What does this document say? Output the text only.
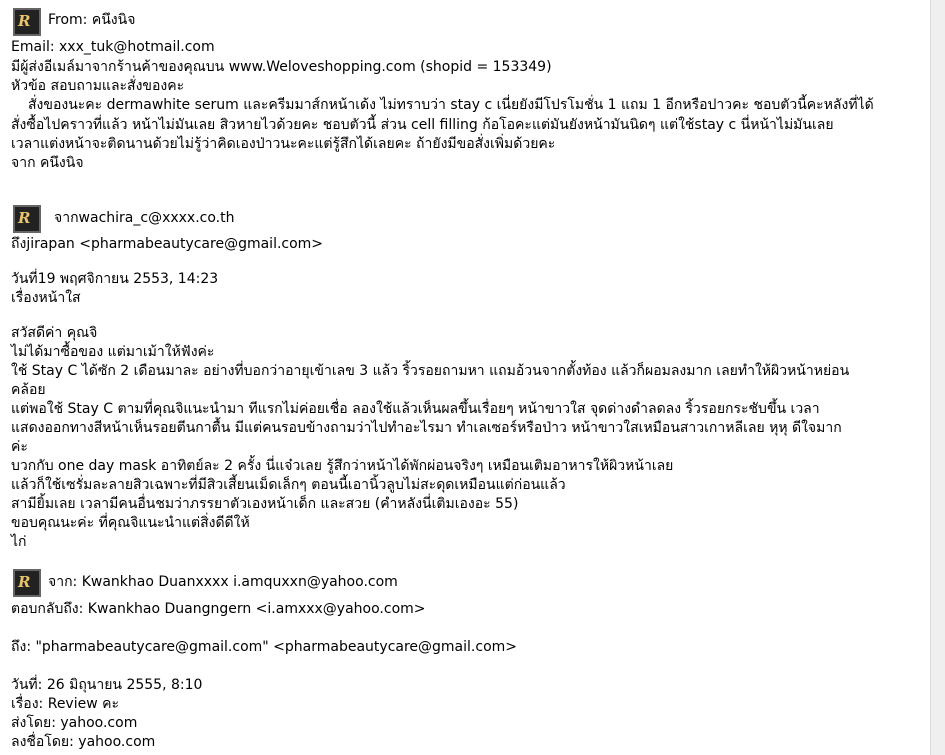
R From: คนึงนิจ
Email: xxx_tuk@hotmail.com
มีผู้ส่งอีเมล์มาจากร้านค้าของคุณบน www.Weloveshopping.com (shopid = 153349)
หัวข้อ สอบถามและสั่งของคะ
สั่งของนะคะ dermawhite serum และครีมมาส์กหน้าเด้ง ไม่ทราบว่า stay c เนี่ยยังมีโปรโมชั่น 1 แถม 1 อีกหรือปาวคะ ชอบตัวนี้คะหลังที่ได้
สั่งซื้อไปคราวที่แล้ว หน้าไม่มันเลย สิวหายไวด้วยคะ ชอบตัวนี้ ส่วน cell filling ก้อโอคะแต่มันยังหน้ามันนิดๆ แต่ใช้stay c นี่หน้าไม่มันเลย
เวลาแต่งหน้าจะติดนานด้วยไม่รู้ว่าคิดเองป่าวนะคะแต่รู้สึกได้เลยคะ ถ้ายังมีขอสั่งเพิ่มด้วยคะ
จาก คนึงนิจ
R จากwachira_c@xxxx.co.th
ถึงjirapan <pharmabeautycare@gmail.com>
วันที่19 พฤศจิกายน 2553, 14:23
เรื่องหน้าใส
สวัสดีค่า คุณจิ
ไม่ได้มาซื้อของ แต่มาเม้าให้ฟังค่ะ
ใช้ Stay C ได้ซัก 2 เดือนมาละ อย่างที่บอกว่าอายุเข้าเลข 3 แล้ว ริ้วรอยถามหา แถมอ้วนจากตั้งท้อง แล้วก็ผอมลงมาก เลยทำให้ผิวหน้าหย่อน
คล้อย
แต่พอใช้ Stay C ตามที่คุณจิแนะนำมา ทีแรกไม่ค่อยเชื่อ ลองใช้แล้วเห็นผลขึ้นเรื่อยๆ หน้าขาวใส จุดด่างดำลดลง ริ้วรอยกระชับขึ้น เวลา
แสดงออกทางสีหน้าเห็นรอยตีนกาตื้น มีแต่คนรอบข้างถามว่าไปทำอะไรมา ทำเลเซอร์หรือป่าว หน้าขาวใสเหมือนสาวเกาหลีเลย หุหุ ดีใจมาก
ค่ะ
บวกกับ one day mask อาทิตย์ละ 2 ครั้ง นี่แจ๋วเลย รู้สึกว่าหน้าได้พักผ่อนจริงๆ เหมือนเติมอาหารให้ผิวหน้าเลย
แล้วก็ใช้เซรั่มละลายสิวเฉพาะที่มีสิวเสี้ยนเม็ดเล็กๆ ตอนนี้เอานิ้วลูบไม่สะดุดเหมือนแต่ก่อนแล้ว
สามียิ้มเลย เวลามีคนอื่นชมว่าภรรยาตัวเองหน้าเด็ก และสวย (คำหลังนี่เติมเองอะ 55)
ขอบคุณนะค่ะ ที่คุณจิแนะนำแต่สิ่งดีดีให้
ไก่
R จาก: Kwankhao Duanxxxx i.amquxxn@yahoo.com
ตอบกลับถึง: Kwankhao Duangngern <i.amxxx@yahoo.com>
ถึง: "pharmabeautycare@gmail.com" <pharmabeautycare@gmail.com>
วันที่: 26 มิถุนายน 2555, 8:10
เรื่อง: Review คะ
ส่งโดย: yahoo.com
ลงชื่อโดย: yahoo.com
